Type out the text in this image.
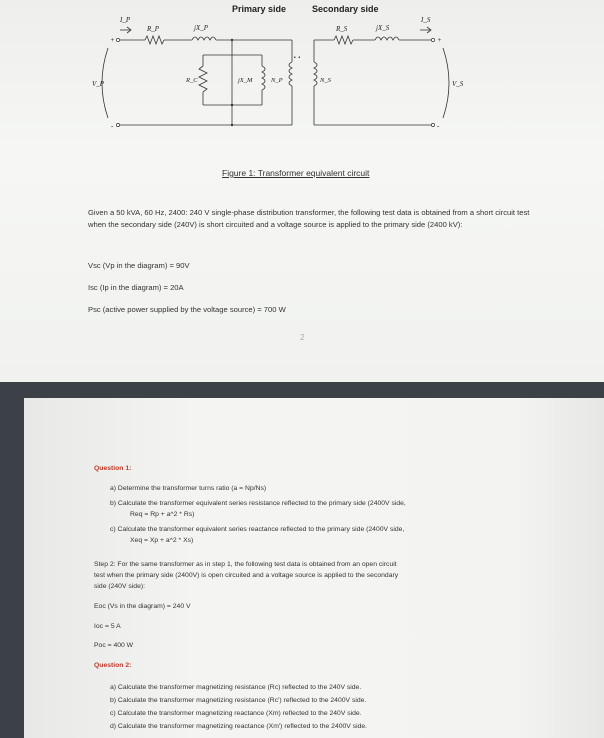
Primary side	Secondary side
I_P
R_P	jX_P
R_C	jX_M	N_P
. .
N_S
R_S	jX_S
I_S
V_P	V_S
+
-
+
-
Figure 1: Transformer equivalent circuit
Given a 50 kVA, 60 Hz, 2400: 240 V single-phase distribution transformer, the following test data is obtained from a short circuit test when the secondary side (240V) is short circuited and a voltage source is applied to the primary side (2400 kV):
Vsc (Vp in the diagram) = 90V
Isc (Ip in the diagram) = 20A
Psc (active power supplied by the voltage source) = 700 W
2
Question 1:
a) Determine the transformer turns ratio (a = Np/Ns)
b) Calculate the transformer equivalent series resistance reflected to the primary side (2400V side,
Req = Rp + a^2 * Rs)
c) Calculate the transformer equivalent series reactance reflected to the primary side (2400V side,
Xeq = Xp + a^2 * Xs)
Step 2: For the same transformer as in step 1, the following test data is obtained from an open circuit
test when the primary side (2400V) is open circuited and a voltage source is applied to the secondary
side (240V side):
Eoc (Vs in the diagram) = 240 V
Ioc = 5 A
Poc = 400 W
Question 2:
a) Calculate the transformer magnetizing resistance (Rc) reflected to the 240V side.
b) Calculate the transformer magnetizing resistance (Rc') reflected to the 2400V side.
c) Calculate the transformer magnetizing reactance (Xm) reflected to the 240V side.
d) Calculate the transformer magnetizing reactance (Xm') reflected to the 2400V side.
